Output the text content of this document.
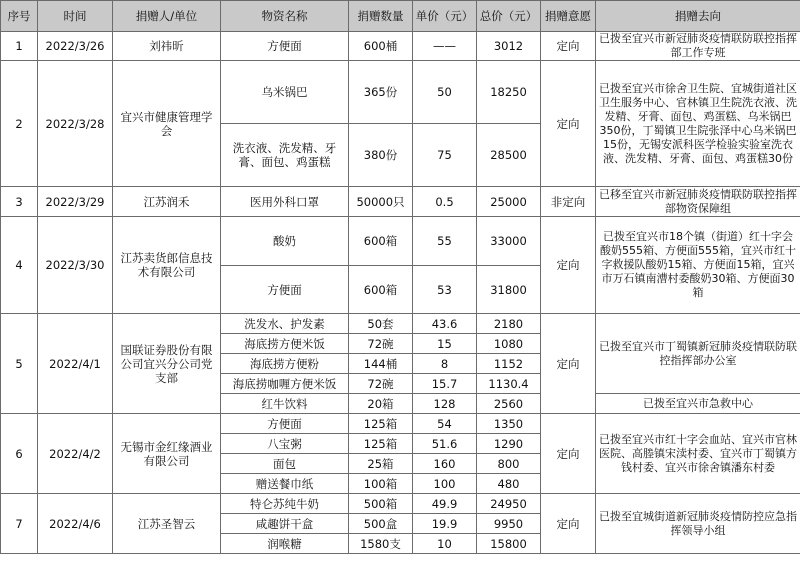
序号	时间	捐赠人/单位	物资名称	捐赠数量	单价（元）	总价（元）	捐赠意愿	捐赠去向
1	2022/3/26	刘祎昕	方便面	600桶	——	3012	定向	已拨至宜兴市新冠肺炎疫情联防联控指挥部工作专班
2	2022/3/28	宜兴市健康管理学会	乌米锅巴	365份	50	18250	定向	已拨至宜兴市徐舍卫生院、宜城街道社区卫生服务中心、官林镇卫生院洗衣液、洗发精、牙膏、面包、鸡蛋糕、乌米锅巴350份，丁蜀镇卫生院张泽中心乌米锅巴15份，无锡安派科医学检验实验室洗衣液、洗发精、牙膏、面包、鸡蛋糕30份
			洗衣液、洗发精、牙膏、面包、鸡蛋糕	380份	75	28500		
3	2022/3/29	江苏润禾	医用外科口罩	50000只	0.5	25000	非定向	已移至宜兴市新冠肺炎疫情联防联控指挥部物资保障组
4	2022/3/30	江苏卖货郎信息技术有限公司	酸奶	600箱	55	33000	定向	已拨至宜兴市18个镇（街道）红十字会酸奶555箱、方便面555箱，宜兴市红十字救援队酸奶15箱、方便面15箱，宜兴市万石镇南漕村委酸奶30箱、方便面30箱
			方便面	600箱	53	31800		
5	2022/4/1	国联证券股份有限公司宜兴分公司党支部	洗发水、护发素	50套	43.6	2180	定向	已拨至宜兴市丁蜀镇新冠肺炎疫情联防联控指挥部办公室
			海底捞方便米饭	72碗	15	1080		
			海底捞方便粉	144桶	8	1152		
			海底捞咖喱方便米饭	72碗	15.7	1130.4		
			红牛饮料	20箱	128	2560		已拨至宜兴市急救中心
6	2022/4/2	无锡市金红缘酒业有限公司	方便面	125箱	54	1350	定向	已拨至宜兴市红十字会血站、宜兴市官林医院、高塍镇宋渎村委、宜兴市丁蜀镇方钱村委、宜兴市徐舍镇潘东村委
			八宝粥	125箱	51.6	1290		
			面包	25箱	160	800		
			赠送餐巾纸	100箱	100	480		
7	2022/4/6	江苏圣智云	特仑苏纯牛奶	500箱	49.9	24950	定向	已拨至宜城街道新冠肺炎疫情防控应急指挥领导小组
			咸趣饼干盒	500盒	19.9	9950		
			润喉糖	1580支	10	15800		
